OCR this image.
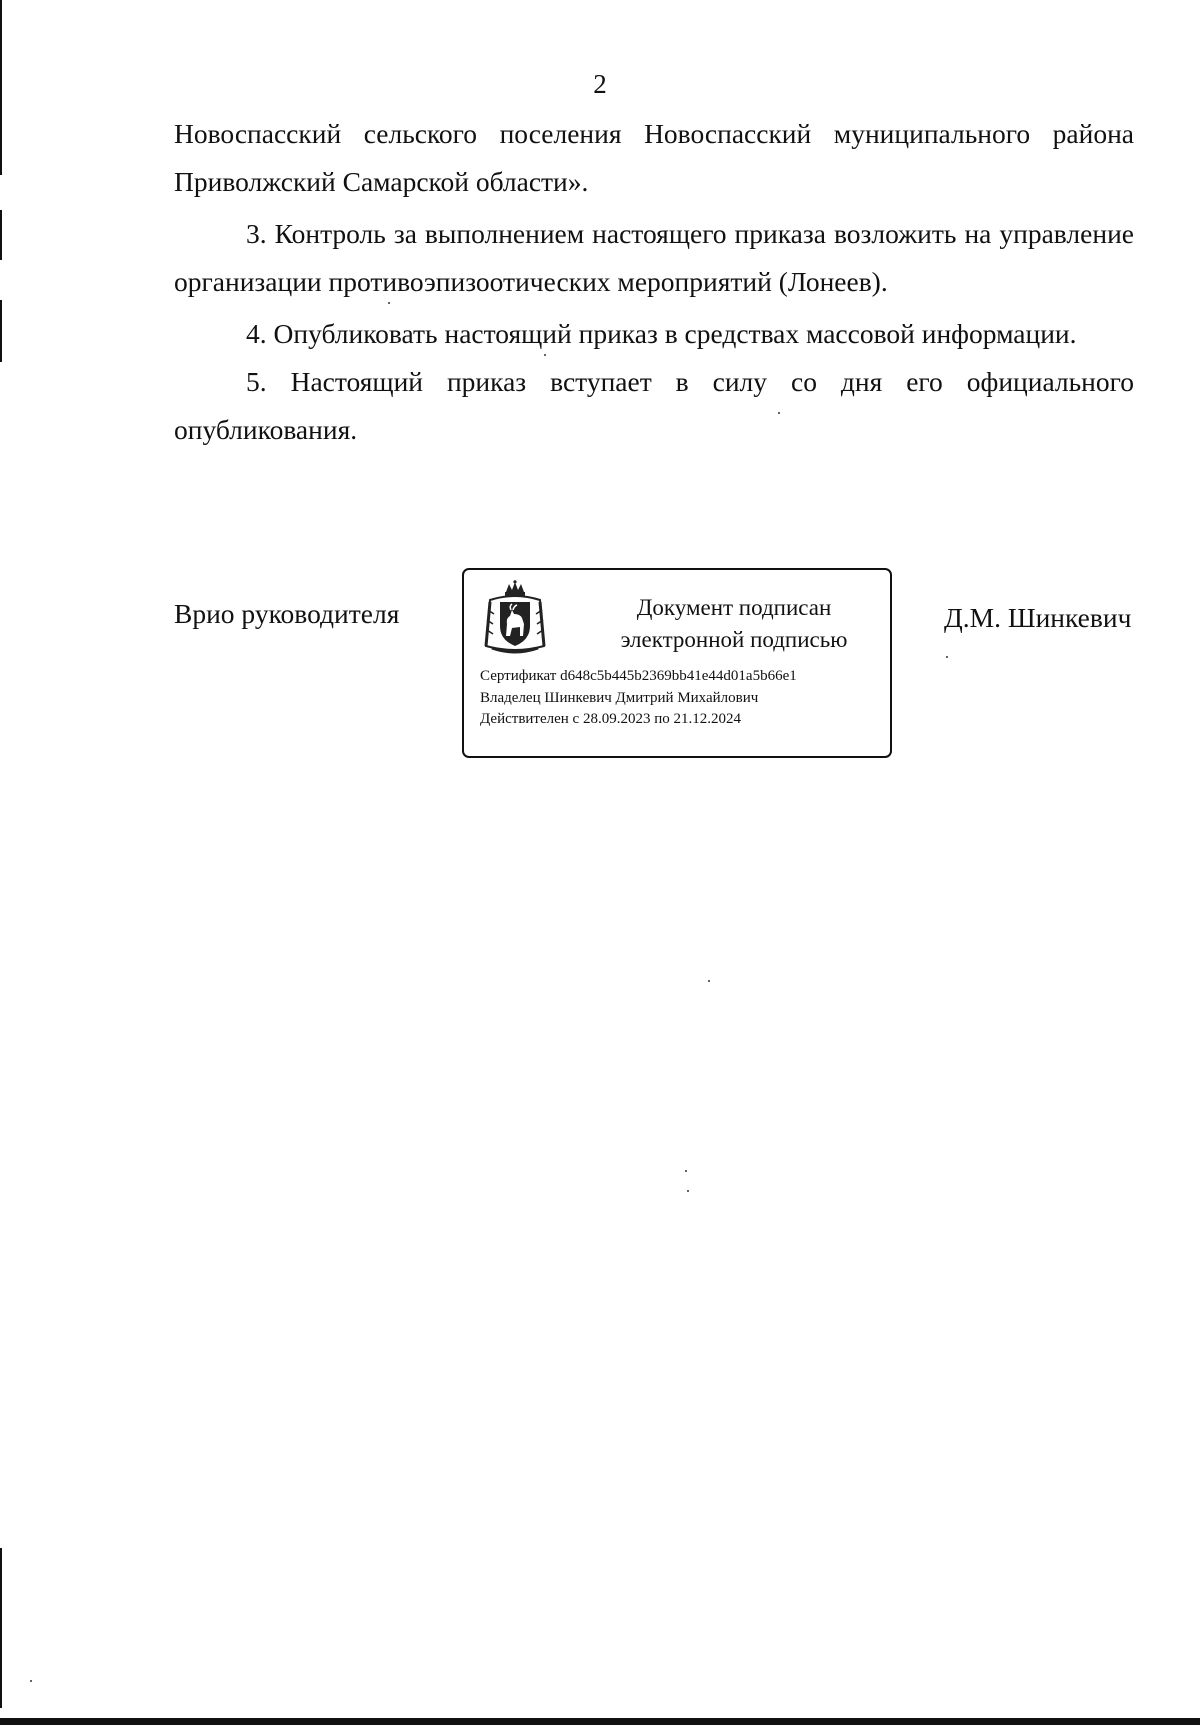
2

Новоспасский сельского поселения Новоспасский муниципального района

Приволжский Самарской области».

3. Контроль за выполнением настоящего приказа возложить на управление организации противоэпизоотических мероприятий (Лонеев).

4. Опубликовать настоящий приказ в средствах массовой информации.

5. Настоящий приказ вступает в силу со дня его официального опубликования.

Врио руководителя	Документ подписан
электронной подписью
Сертификат d648c5b445b2369bb41e44d01a5b66e1
Владелец Шинкевич Дмитрий Михайлович
Действителен с 28.09.2023 по 21.12.2024
Д.М. Шинкевич
